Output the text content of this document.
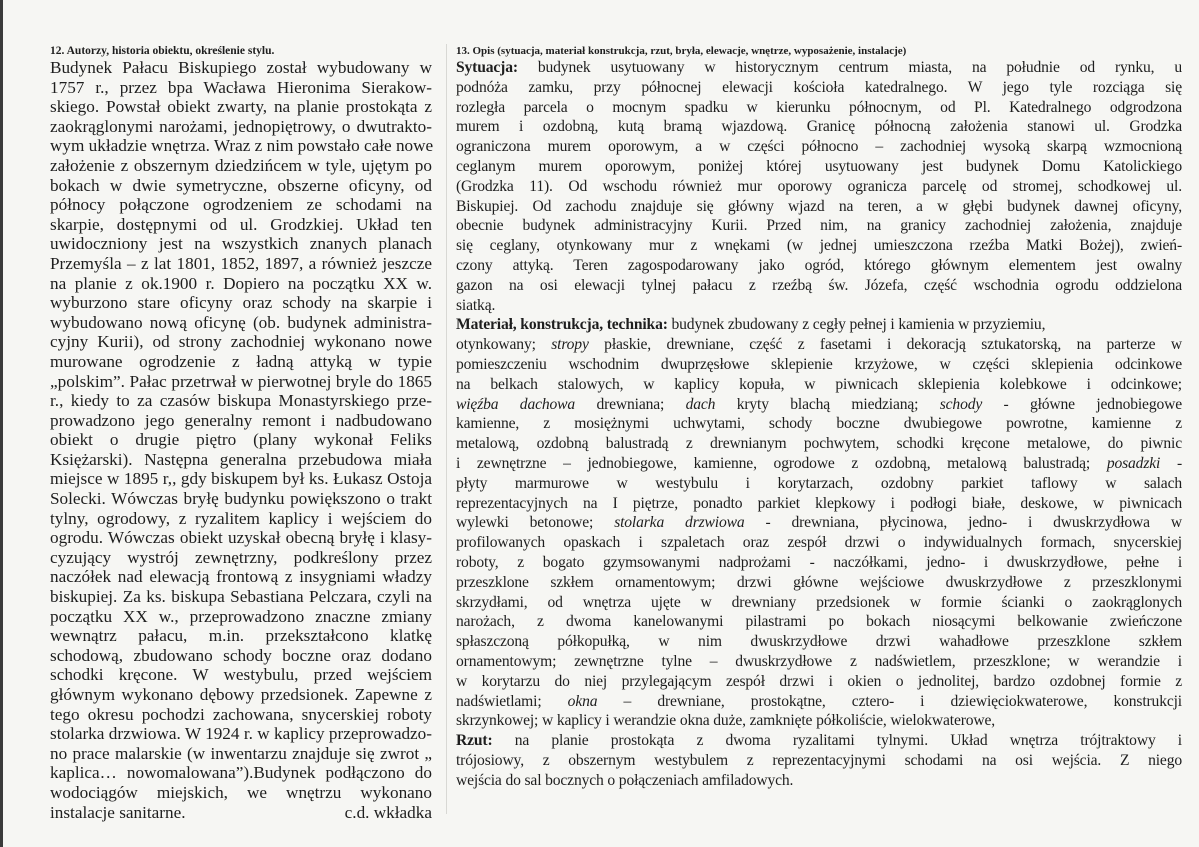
12. Autorzy, historia obiektu, określenie stylu.
Budynek Pałacu Biskupiego został wybudowany w
1757 r., przez bpa Wacława Hieronima Sierakow-
skiego. Powstał obiekt zwarty, na planie prostokąta z
zaokrąglonymi narożami, jednopiętrowy, o dwutrakto-
wym układzie wnętrza. Wraz z nim powstało całe nowe
założenie z obszernym dziedzińcem w tyle, ujętym po
bokach w dwie symetryczne, obszerne oficyny, od
północy połączone ogrodzeniem ze schodami na
skarpie, dostępnymi od ul. Grodzkiej. Układ ten
uwidoczniony jest na wszystkich znanych planach
Przemyśla – z lat 1801, 1852, 1897, a również jeszcze
na planie z ok.1900 r. Dopiero na początku XX w.
wyburzono stare oficyny oraz schody na skarpie i
wybudowano nową oficynę (ob. budynek administra-
cyjny Kurii), od strony zachodniej wykonano nowe
murowane ogrodzenie z ładną attyką w typie
„polskim”. Pałac przetrwał w pierwotnej bryle do 1865
r., kiedy to za czasów biskupa Monastyrskiego prze-
prowadzono jego generalny remont i nadbudowano
obiekt o drugie piętro (plany wykonał Feliks
Księżarski). Następna generalna przebudowa miała
miejsce w 1895 r,, gdy biskupem był ks. Łukasz Ostoja
Solecki. Wówczas bryłę budynku powiększono o trakt
tylny, ogrodowy, z ryzalitem kaplicy i wejściem do
ogrodu. Wówczas obiekt uzyskał obecną bryłę i klasy-
cyzujący wystrój zewnętrzny, podkreślony przez
naczółek nad elewacją frontową z insygniami władzy
biskupiej. Za ks. biskupa Sebastiana Pelczara, czyli na
początku XX w., przeprowadzono znaczne zmiany
wewnątrz pałacu, m.in. przekształcono klatkę
schodową, zbudowano schody boczne oraz dodano
schodki kręcone. W westybulu, przed wejściem
głównym wykonano dębowy przedsionek. Zapewne z
tego okresu pochodzi zachowana, snycerskiej roboty
stolarka drzwiowa. W 1924 r. w kaplicy przeprowadzo-
no prace malarskie (w inwentarzu znajduje się zwrot „
kaplica… nowomalowana”).Budynek podłączono do
wodociągów miejskich, we wnętrzu wykonano
instalacje sanitarne.	c.d. wkładka
13. Opis (sytuacja, materiał konstrukcja, rzut, bryła, elewacje, wnętrze, wyposażenie, instalacje)
Sytuacja: budynek usytuowany w historycznym centrum miasta, na południe od rynku, u
podnóża zamku, przy północnej elewacji kościoła katedralnego. W jego tyle rozciąga się
rozległa parcela o mocnym spadku w kierunku północnym, od Pl. Katedralnego odgrodzona
murem i ozdobną, kutą bramą wjazdową. Granicę północną założenia stanowi ul. Grodzka
ograniczona murem oporowym, a w części północno – zachodniej wysoką skarpą wzmocnioną
ceglanym murem oporowym, poniżej której usytuowany jest budynek Domu Katolickiego
(Grodzka 11). Od wschodu również mur oporowy ogranicza parcelę od stromej, schodkowej ul.
Biskupiej. Od zachodu znajduje się główny wjazd na teren, a w głębi budynek dawnej oficyny,
obecnie budynek administracyjny Kurii. Przed nim, na granicy zachodniej założenia, znajduje
się ceglany, otynkowany mur z wnękami (w jednej umieszczona rzeźba Matki Bożej), zwień-
czony attyką. Teren zagospodarowany jako ogród, którego głównym elementem jest owalny
gazon na osi elewacji tylnej pałacu z rzeźbą św. Józefa, część wschodnia ogrodu oddzielona
siatką.
Materiał, konstrukcja, technika: budynek zbudowany z cegły pełnej i kamienia w przyziemiu,
otynkowany; stropy płaskie, drewniane, część z fasetami i dekoracją sztukatorską, na parterze w
pomieszczeniu wschodnim dwuprzęsłowe sklepienie krzyżowe, w części sklepienia odcinkowe
na belkach stalowych, w kaplicy kopuła, w piwnicach sklepienia kolebkowe i odcinkowe;
więźba dachowa drewniana; dach kryty blachą miedzianą; schody - główne jednobiegowe
kamienne, z mosiężnymi uchwytami, schody boczne dwubiegowe powrotne, kamienne z
metalową, ozdobną balustradą z drewnianym pochwytem, schodki kręcone metalowe, do piwnic
i zewnętrzne – jednobiegowe, kamienne, ogrodowe z ozdobną, metalową balustradą; posadzki -
płyty marmurowe w westybulu i korytarzach, ozdobny parkiet taflowy w salach
reprezentacyjnych na I piętrze, ponadto parkiet klepkowy i podłogi białe, deskowe, w piwnicach
wylewki betonowe; stolarka drzwiowa - drewniana, płycinowa, jedno- i dwuskrzydłowa w
profilowanych opaskach i szpaletach oraz zespół drzwi o indywidualnych formach, snycerskiej
roboty, z bogato gzymsowanymi nadprożami - naczółkami, jedno- i dwuskrzydłowe, pełne i
przeszklone szkłem ornamentowym; drzwi główne wejściowe dwuskrzydłowe z przeszklonymi
skrzydłami, od wnętrza ujęte w drewniany przedsionek w formie ścianki o zaokrąglonych
narożach, z dwoma kanelowanymi pilastrami po bokach niosącymi belkowanie zwieńczone
spłaszczoną półkopułką, w nim dwuskrzydłowe drzwi wahadłowe przeszklone szkłem
ornamentowym; zewnętrzne tylne – dwuskrzydłowe z nadświetlem, przeszklone; w werandzie i
w korytarzu do niej przylegającym zespół drzwi i okien o jednolitej, bardzo ozdobnej formie z
nadświetlami; okna – drewniane, prostokątne, cztero- i dziewięciokwaterowe, konstrukcji
skrzynkowej; w kaplicy i werandzie okna duże, zamknięte półkoliście, wielokwaterowe,
Rzut: na planie prostokąta z dwoma ryzalitami tylnymi. Układ wnętrza trójtraktowy i
trójosiowy, z obszernym westybulem z reprezentacyjnymi schodami na osi wejścia. Z niego
wejścia do sal bocznych o połączeniach amfiladowych.
